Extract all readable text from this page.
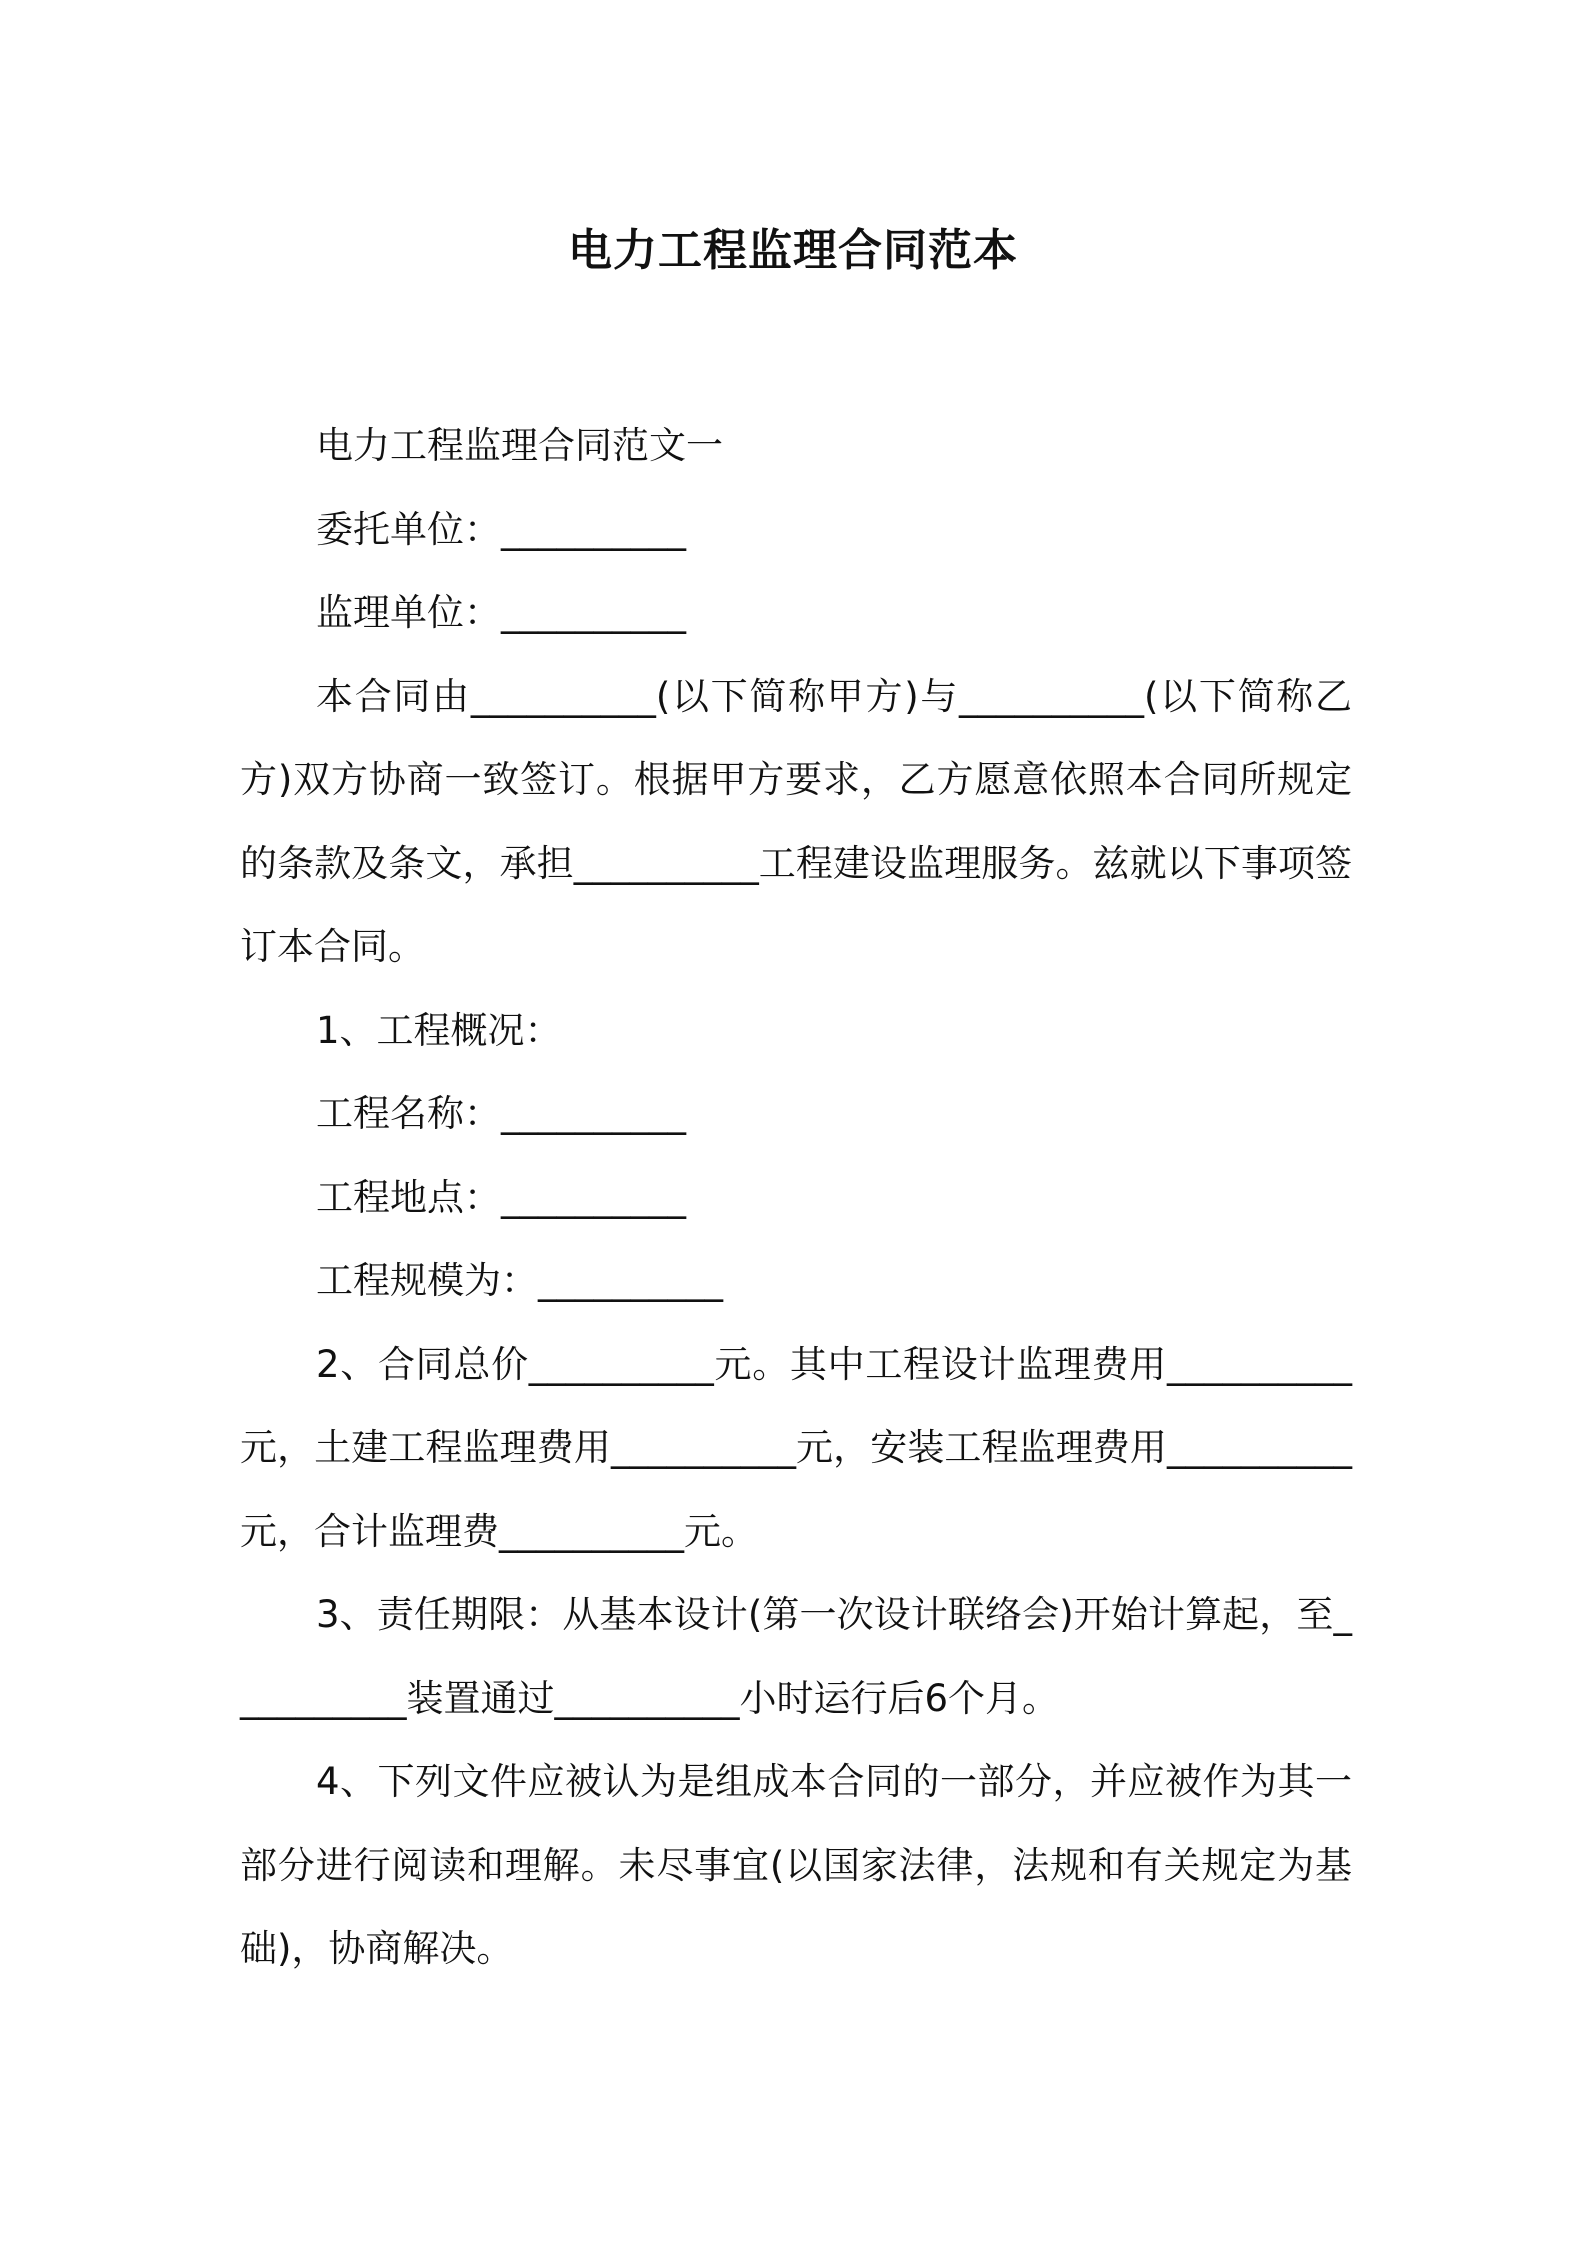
电力工程监理合同范本

电力工程监理合同范文一

委托单位：__________

监理单位：__________

本合同由__________(以下简称甲方)与__________(以下简称乙方)双方协商一致签订。根据甲方要求，乙方愿意依照本合同所规定的条款及条文，承担__________工程建设监理服务。兹就以下事项签订本合同。

1、工程概况：

工程名称：__________

工程地点：__________

工程规模为：__________

2、合同总价__________元。其中工程设计监理费用__________元，土建工程监理费用__________元，安装工程监理费用__________元，合计监理费__________元。

3、责任期限：从基本设计(第一次设计联络会)开始计算起，至__________装置通过__________小时运行后6个月。

4、下列文件应被认为是组成本合同的一部分，并应被作为其一部分进行阅读和理解。未尽事宜(以国家法律，法规和有关规定为基础)，协商解决。
